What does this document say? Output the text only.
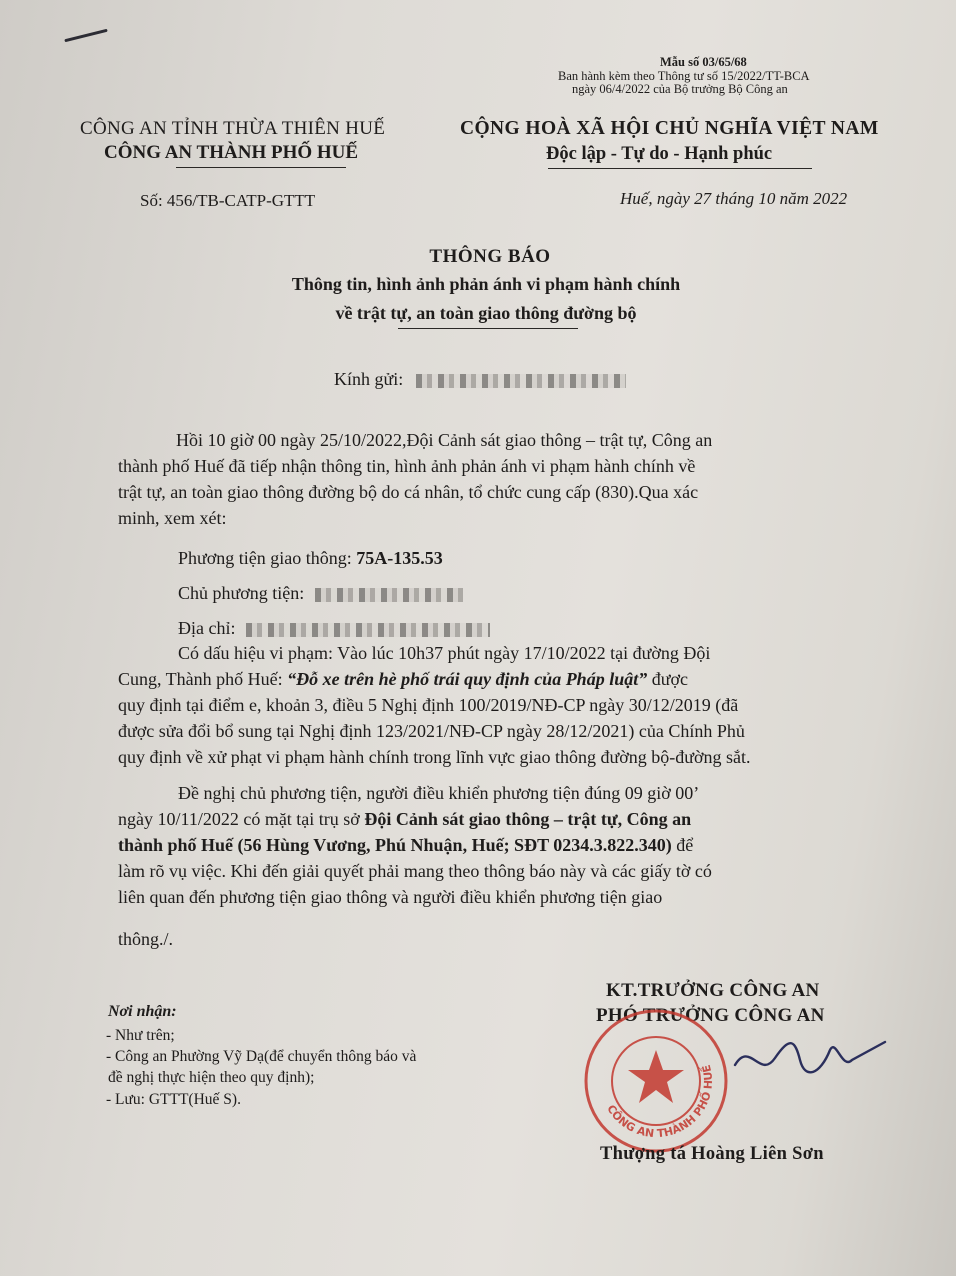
Mẫu số 03/65/68
Ban hành kèm theo Thông tư số 15/2022/TT-BCA
ngày 06/4/2022 của Bộ trưởng Bộ Công an
CÔNG AN TỈNH THỪA THIÊN HUẾ
CÔNG AN THÀNH PHỐ HUẾ
CỘNG HOÀ XÃ HỘI CHỦ NGHĨA VIỆT NAM
Độc lập - Tự do - Hạnh phúc
Số: 456/TB-CATP-GTTT	Huế, ngày 27 tháng 10 năm 2022
THÔNG BÁO
Thông tin, hình ảnh phản ánh vi phạm hành chính
về trật tự, an toàn giao thông đường bộ
Kính gửi:
Hồi 10 giờ 00 ngày 25/10/2022,Đội Cảnh sát giao thông – trật tự, Công an
thành phố Huế đã tiếp nhận thông tin, hình ảnh phản ánh vi phạm hành chính về
trật tự, an toàn giao thông đường bộ do cá nhân, tổ chức cung cấp (830).Qua xác
minh, xem xét:
Phương tiện giao thông: 75A-135.53
Chủ phương tiện:
Địa chỉ:
Có dấu hiệu vi phạm: Vào lúc 10h37 phút ngày 17/10/2022 tại đường Đội
Cung, Thành phố Huế: “Đỗ xe trên hè phố trái quy định của Pháp luật” được
quy định tại điểm e, khoản 3, điều 5 Nghị định 100/2019/NĐ-CP ngày 30/12/2019 (đã
được sửa đổi bổ sung tại Nghị định 123/2021/NĐ-CP ngày 28/12/2021) của Chính Phủ
quy định về xử phạt vi phạm hành chính trong lĩnh vực giao thông đường bộ-đường sắt.
Đề nghị chủ phương tiện, người điều khiển phương tiện đúng 09 giờ 00’
ngày 10/11/2022 có mặt tại trụ sở Đội Cảnh sát giao thông – trật tự, Công an
thành phố Huế (56 Hùng Vương, Phú Nhuận, Huế; SĐT 0234.3.822.340) để
làm rõ vụ việc. Khi đến giải quyết phải mang theo thông báo này và các giấy tờ có
liên quan đến phương tiện giao thông và người điều khiển phương tiện giao
thông./.
Nơi nhận:
- Như trên;
- Công an Phường Vỹ Dạ(để chuyển thông báo và
đề nghị thực hiện theo quy định);
- Lưu: GTTT(Huế S).
KT.TRƯỞNG CÔNG AN
PHÓ TRƯỞNG CÔNG AN
CÔNG AN THÀNH PHỐ HUẾ
Thượng tá Hoàng Liên Sơn
